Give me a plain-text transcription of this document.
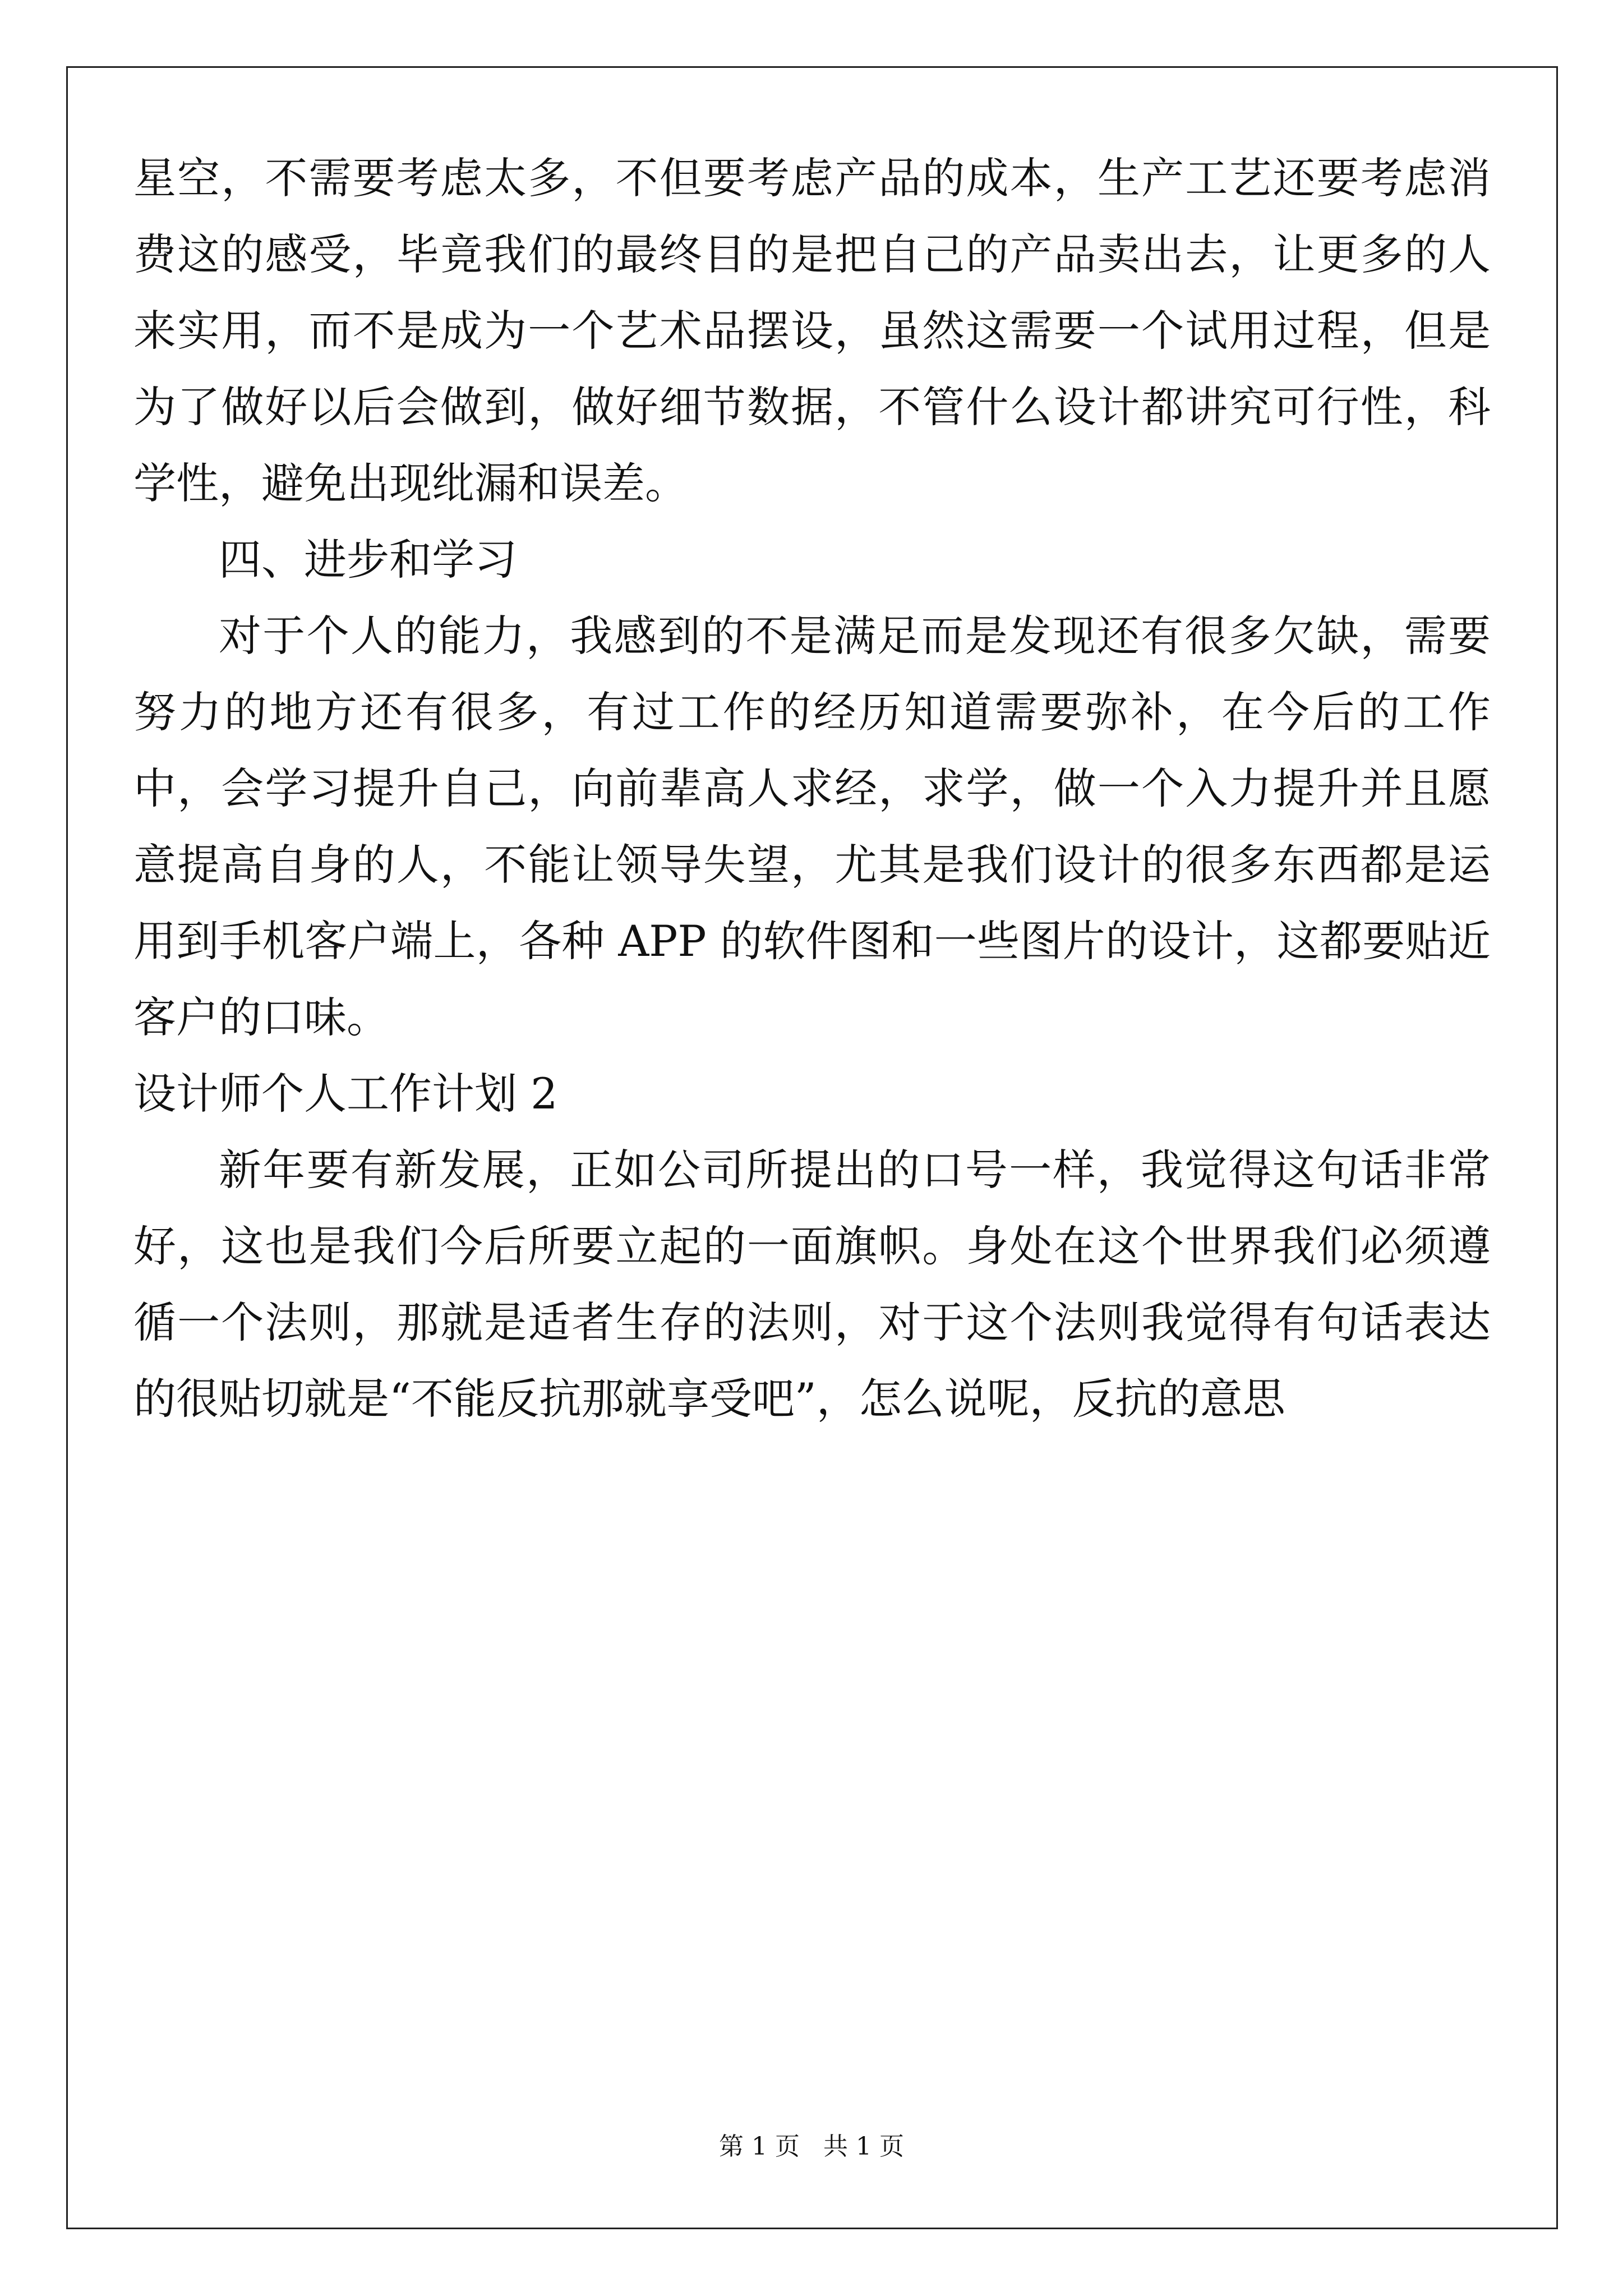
星空，不需要考虑太多，不但要考虑产品的成本，生产工艺还要考虑消费这的感受，毕竟我们的最终目的是把自己的产品卖出去，让更多的人来实用，而不是成为一个艺术品摆设，虽然这需要一个试用过程，但是为了做好以后会做到，做好细节数据，不管什么设计都讲究可行性，科学性，避免出现纰漏和误差。

四、进步和学习

对于个人的能力，我感到的不是满足而是发现还有很多欠缺，需要努力的地方还有很多，有过工作的经历知道需要弥补，在今后的工作中，会学习提升自己，向前辈高人求经，求学，做一个入力提升并且愿意提高自身的人，不能让领导失望，尤其是我们设计的很多东西都是运用到手机客户端上，各种 APP 的软件图和一些图片的设计，这都要贴近客户的口味。

设计师个人工作计划 2

新年要有新发展，正如公司所提出的口号一样，我觉得这句话非常好，这也是我们今后所要立起的一面旗帜。身处在这个世界我们必须遵循一个法则，那就是适者生存的法则，对于这个法则我觉得有句话表达的很贴切就是“不能反抗那就享受吧”，怎么说呢，反抗的意思

第 1 页   共 1 页
